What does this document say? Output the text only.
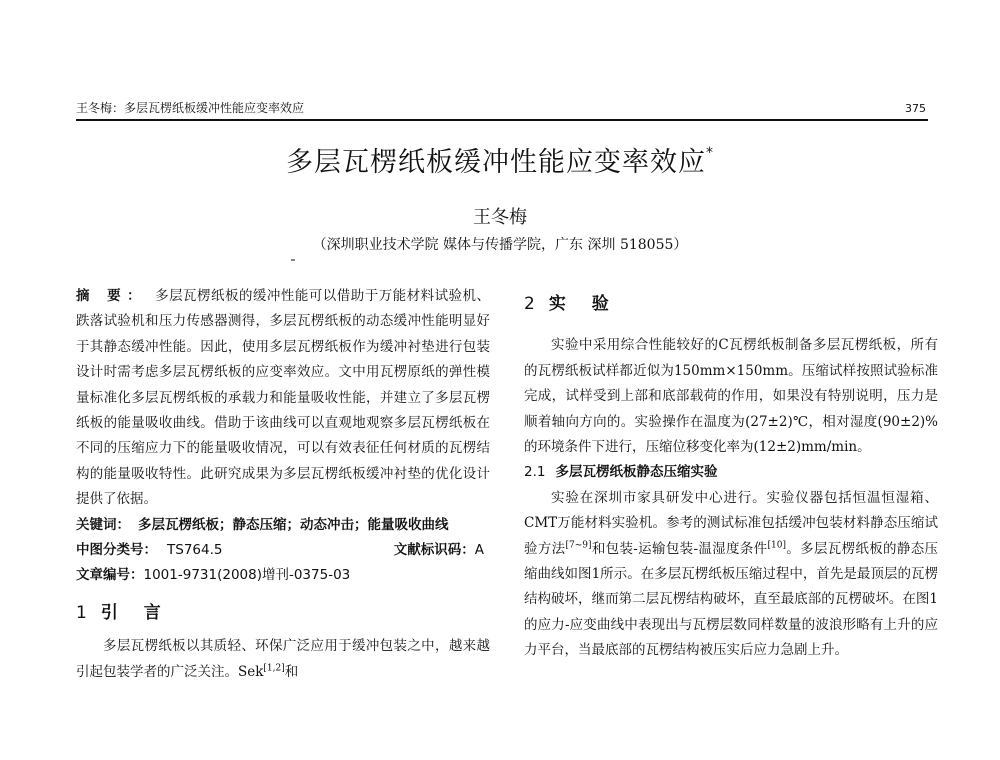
王冬梅：多层瓦楞纸板缓冲性能应变率效应	375
多层瓦楞纸板缓冲性能应变率效应*
王冬梅
（深圳职业技术学院 媒体与传播学院，广东 深圳 518055）
摘 要： 多层瓦楞纸板的缓冲性能可以借助于万能材料试验机、跌落试验机和压力传感器测得，多层瓦楞纸板的动态缓冲性能明显好于其静态缓冲性能。因此，使用多层瓦楞纸板作为缓冲衬垫进行包装设计时需考虑多层瓦楞纸板的应变率效应。文中用瓦楞原纸的弹性模量标准化多层瓦楞纸板的承载力和能量吸收性能，并建立了多层瓦楞纸板的能量吸收曲线。借助于该曲线可以直观地观察多层瓦楞纸板在不同的压缩应力下的能量吸收情况，可以有效表征任何材质的瓦楞结构的能量吸收特性。此研究成果为多层瓦楞纸板缓冲衬垫的优化设计提供了依据。
关键词： 多层瓦楞纸板；静态压缩；动态冲击；能量吸收曲线
中图分类号： TS764.5	文献标识码：A
文章编号：1001-9731(2008)增刊-0375-03
1 引 言
多层瓦楞纸板以其质轻、环保广泛应用于缓冲包装之中，越来越引起包装学者的广泛关注。Sek[1,2]和
2 实 验
实验中采用综合性能较好的C瓦楞纸板制备多层瓦楞纸板，所有的瓦楞纸板试样都近似为150mm×150mm。压缩试样按照试验标准完成，试样受到上部和底部载荷的作用，如果没有特别说明，压力是顺着轴向方向的。实验操作在温度为(27±2)℃，相对湿度(90±2)%的环境条件下进行，压缩位移变化率为(12±2)mm/min。
2.1 多层瓦楞纸板静态压缩实验
实验在深圳市家具研发中心进行。实验仪器包括恒温恒湿箱、CMT万能材料实验机。参考的测试标准包括缓冲包装材料静态压缩试验方法[7~9]和包装-运输包装-温湿度条件[10]。多层瓦楞纸板的静态压缩曲线如图1所示。在多层瓦楞纸板压缩过程中，首先是最顶层的瓦楞结构破坏，继而第二层瓦楞结构破坏，直至最底部的瓦楞破坏。在图1的应力-应变曲线中表现出与瓦楞层数同样数量的波浪形略有上升的应力平台，当最底部的瓦楞结构被压实后应力急剧上升。
